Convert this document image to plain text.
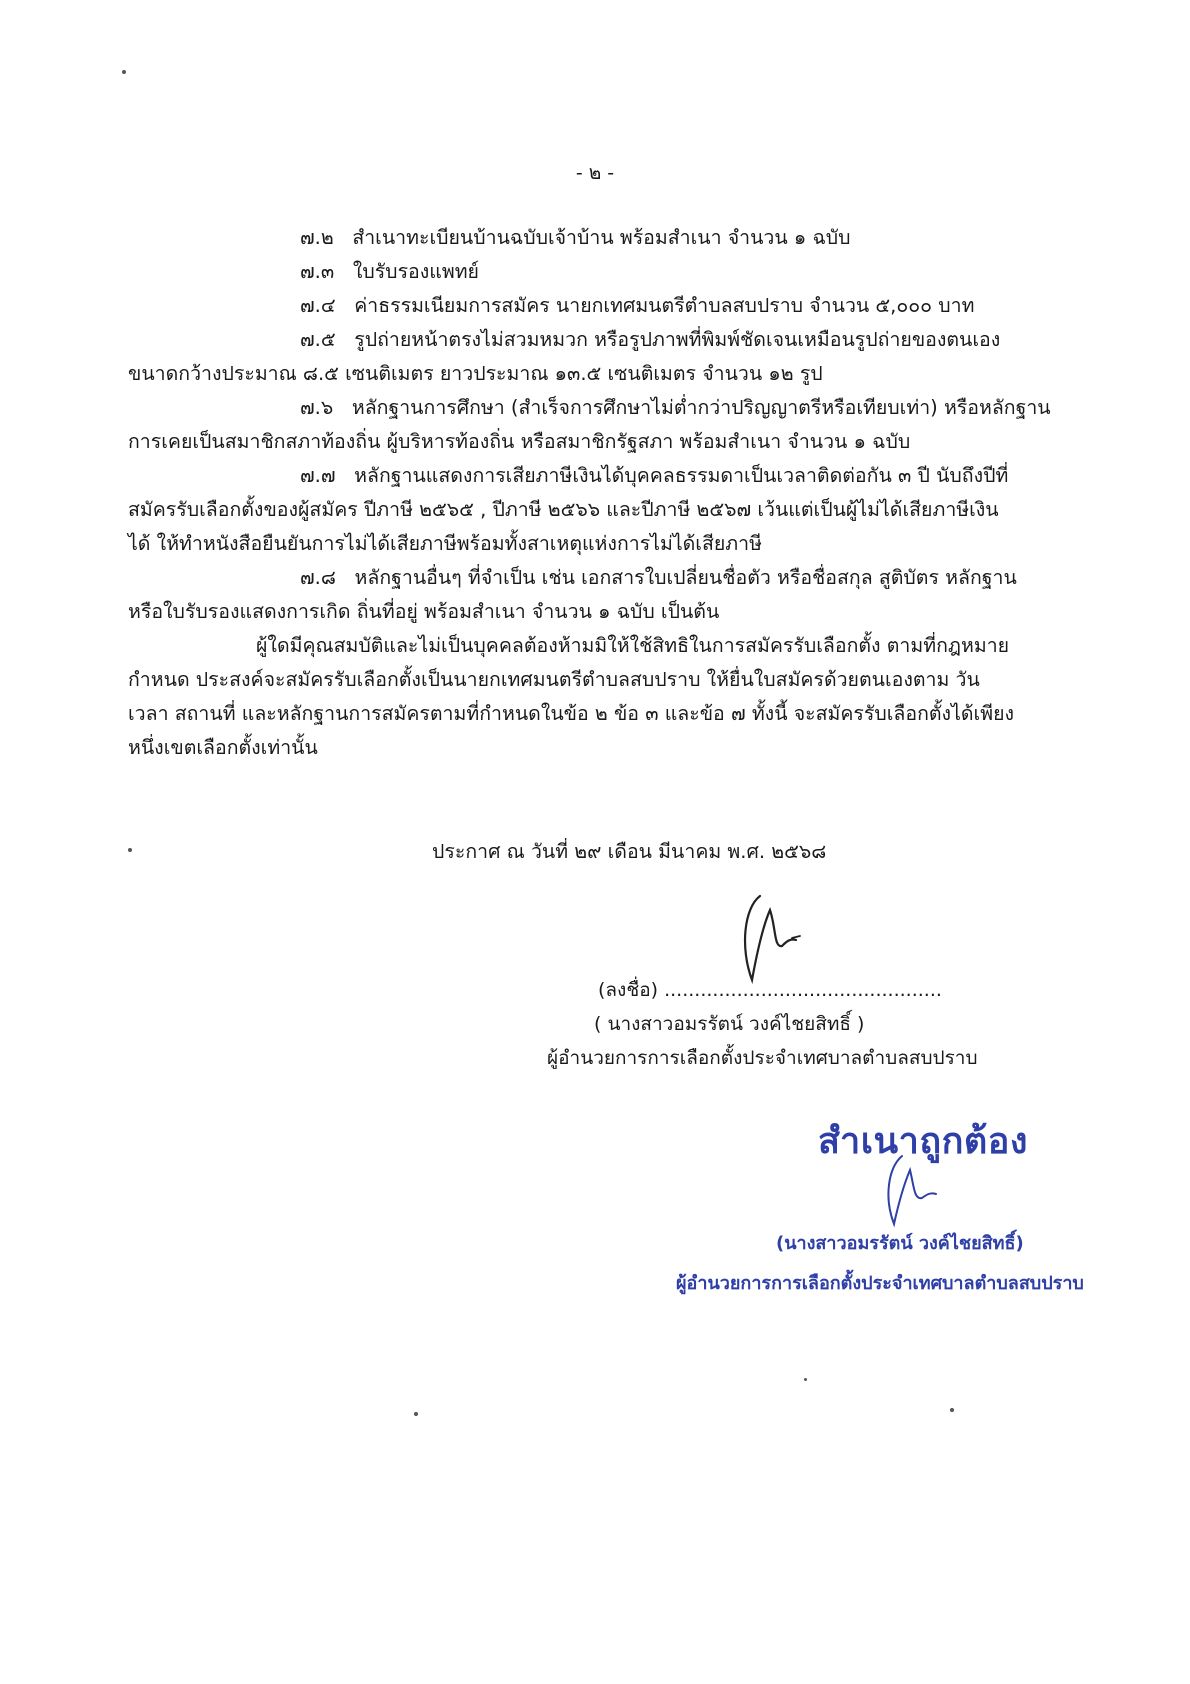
- ๒ -
๗.๒ สำเนาทะเบียนบ้านฉบับเจ้าบ้าน พร้อมสำเนา จำนวน ๑ ฉบับ
๗.๓ ใบรับรองแพทย์
๗.๔ ค่าธรรมเนียมการสมัคร นายกเทศมนตรีตำบลสบปราบ จำนวน ๕,๐๐๐ บาท
๗.๕ รูปถ่ายหน้าตรงไม่สวมหมวก หรือรูปภาพที่พิมพ์ชัดเจนเหมือนรูปถ่ายของตนเอง
ขนาดกว้างประมาณ ๘.๕ เซนติเมตร ยาวประมาณ ๑๓.๕ เซนติเมตร จำนวน ๑๒ รูป
๗.๖ หลักฐานการศึกษา (สำเร็จการศึกษาไม่ต่ำกว่าปริญญาตรีหรือเทียบเท่า) หรือหลักฐาน
การเคยเป็นสมาชิกสภาท้องถิ่น ผู้บริหารท้องถิ่น หรือสมาชิกรัฐสภา พร้อมสำเนา จำนวน ๑ ฉบับ
๗.๗ หลักฐานแสดงการเสียภาษีเงินได้บุคคลธรรมดาเป็นเวลาติดต่อกัน ๓ ปี นับถึงปีที่
สมัครรับเลือกตั้งของผู้สมัคร ปีภาษี ๒๕๖๕ , ปีภาษี ๒๕๖๖ และปีภาษี ๒๕๖๗ เว้นแต่เป็นผู้ไม่ได้เสียภาษีเงิน
ได้ ให้ทำหนังสือยืนยันการไม่ได้เสียภาษีพร้อมทั้งสาเหตุแห่งการไม่ได้เสียภาษี
๗.๘ หลักฐานอื่นๆ ที่จำเป็น เช่น เอกสารใบเปลี่ยนชื่อตัว หรือชื่อสกุล สูติบัตร หลักฐาน
หรือใบรับรองแสดงการเกิด ถิ่นที่อยู่ พร้อมสำเนา จำนวน ๑ ฉบับ เป็นต้น
ผู้ใดมีคุณสมบัติและไม่เป็นบุคคลต้องห้ามมิให้ใช้สิทธิในการสมัครรับเลือกตั้ง ตามที่กฎหมาย
กำหนด ประสงค์จะสมัครรับเลือกตั้งเป็นนายกเทศมนตรีตำบลสบปราบ ให้ยื่นใบสมัครด้วยตนเองตาม วัน
เวลา สถานที่ และหลักฐานการสมัครตามที่กำหนดในข้อ ๒ ข้อ ๓ และข้อ ๗ ทั้งนี้ จะสมัครรับเลือกตั้งได้เพียง
หนึ่งเขตเลือกตั้งเท่านั้น
ประกาศ ณ วันที่ ๒๙ เดือน มีนาคม พ.ศ. ๒๕๖๘
(ลงชื่อ) ..............................................
( นางสาวอมรรัตน์ วงค์ไชยสิทธิ์ )
ผู้อำนวยการการเลือกตั้งประจำเทศบาลตำบลสบปราบ
สำเนาถูกต้อง
(นางสาวอมรรัตน์ วงค์ไชยสิทธิ์)
ผู้อำนวยการการเลือกตั้งประจำเทศบาลตำบลสบปราบ
